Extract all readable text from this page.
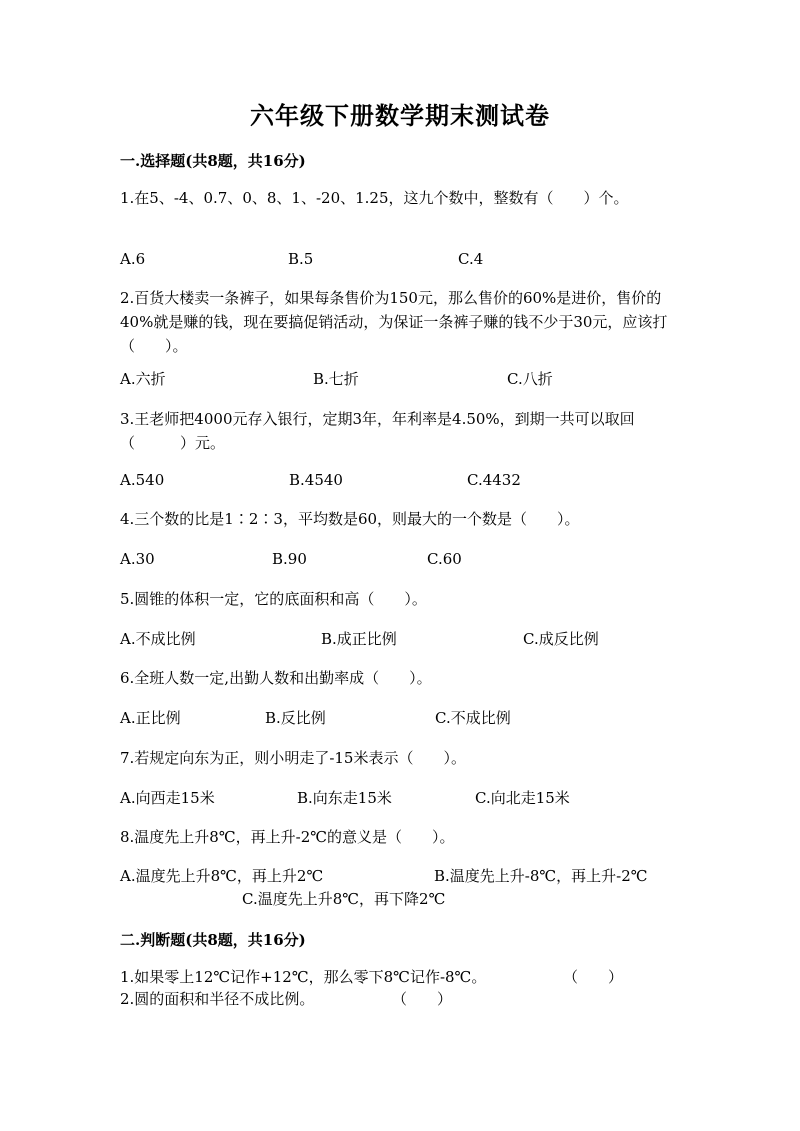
六年级下册数学期末测试卷
一.选择题(共8题，共16分)
1.在5、-4、0.7、0、8、1、-20、1.25，这九个数中，整数有（　　）个。
A.6	B.5	C.4
2.百货大楼卖一条裤子，如果每条售价为150元，那么售价的60%是进价，售价的40%就是赚的钱，现在要搞促销活动，为保证一条裤子赚的钱不少于30元，应该打（　　）。
A.六折	B.七折	C.八折
3.王老师把4000元存入银行，定期3年，年利率是4.50%，到期一共可以取回（　　　）元。
A.540	B.4540	C.4432
4.三个数的比是1∶2∶3，平均数是60，则最大的一个数是（　　）。
A.30	B.90	C.60
5.圆锥的体积一定，它的底面积和高（　　）。
A.不成比例	B.成正比例	C.成反比例
6.全班人数一定,出勤人数和出勤率成（　　）。
A.正比例	B.反比例	C.不成比例
7.若规定向东为正，则小明走了-15米表示（　　）。
A.向西走15米	B.向东走15米	C.向北走15米
8.温度先上升8℃，再上升-2℃的意义是（　　）。
A.温度先上升8℃，再上升2℃	B.温度先上升-8℃，再上升-2℃
C.温度先上升8℃，再下降2℃
二.判断题(共8题，共16分)
1.如果零上12℃记作+12℃，那么零下8℃记作-8℃。	（　　）
2.圆的面积和半径不成比例。	（　　）
